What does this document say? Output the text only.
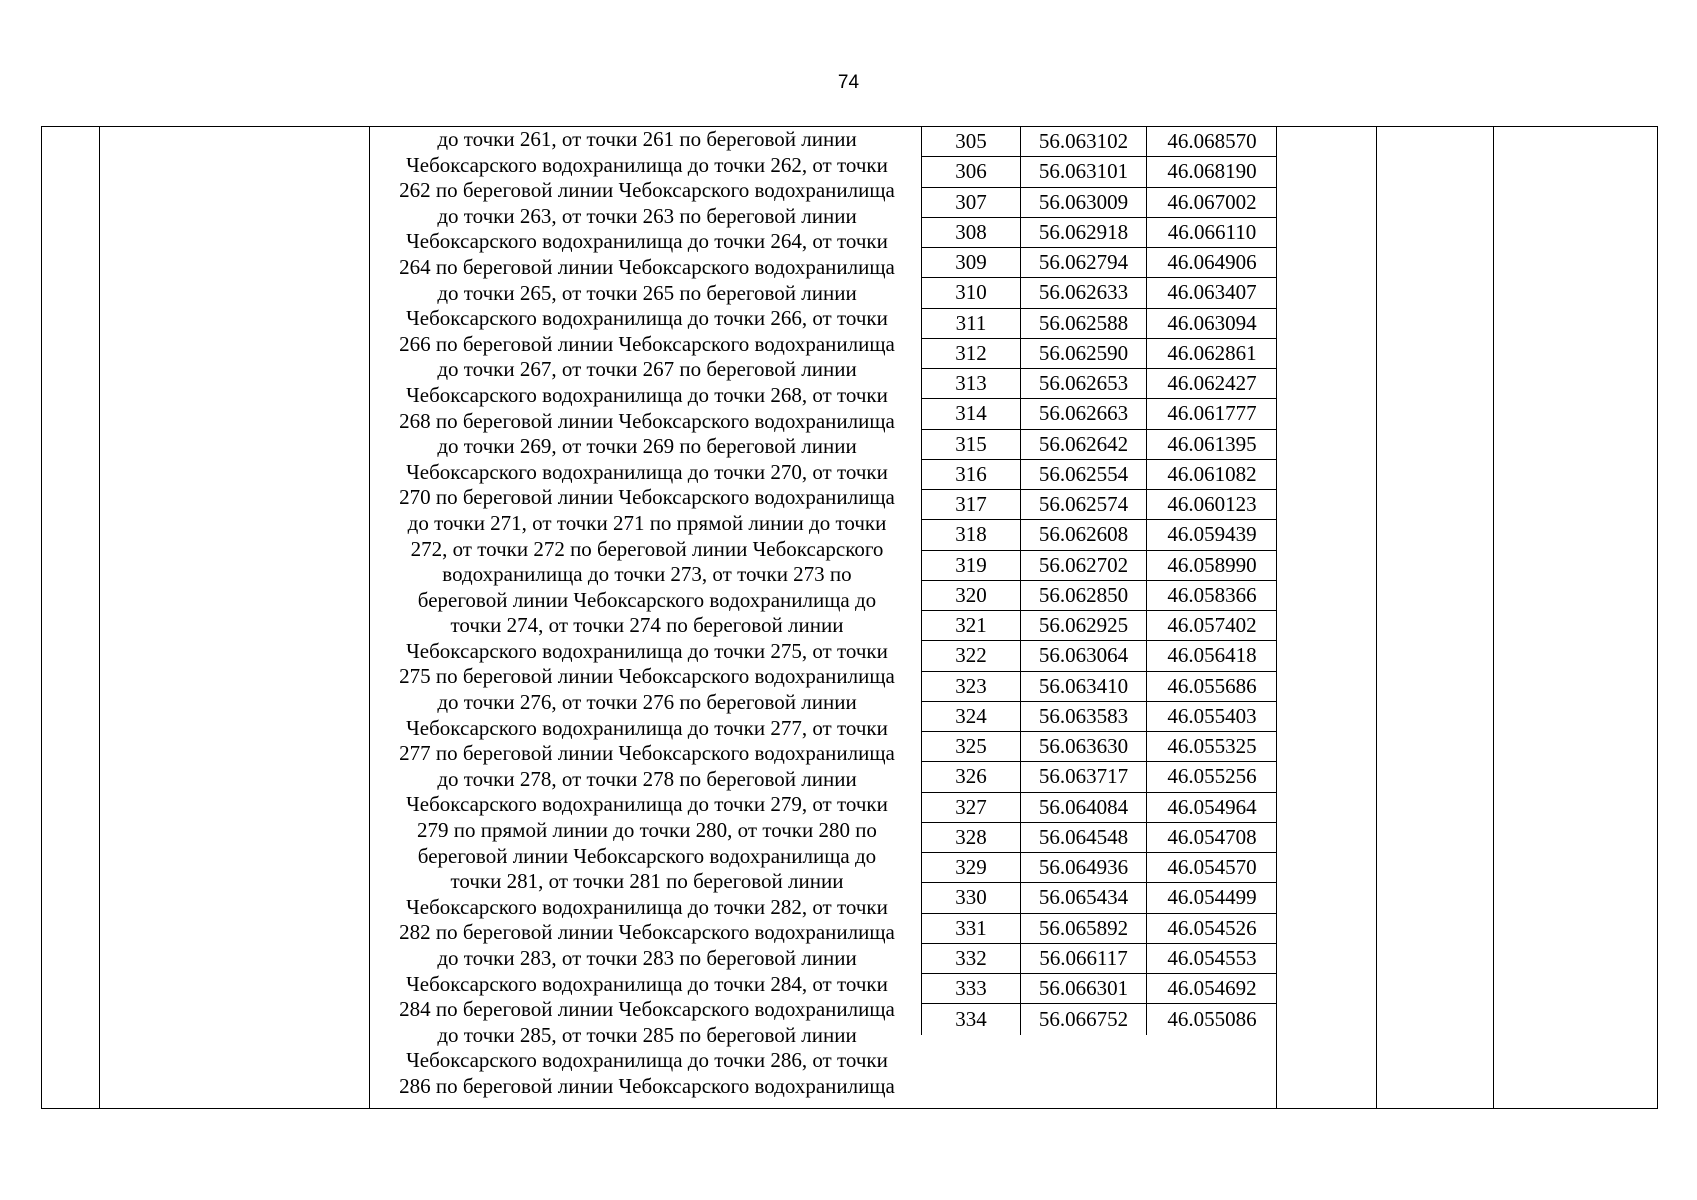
74
до точки 261, от точки 261 по береговой линии
Чебоксарского водохранилища до точки 262, от точки
262 по береговой линии Чебоксарского водохранилища
до точки 263, от точки 263 по береговой линии
Чебоксарского водохранилища до точки 264, от точки
264 по береговой линии Чебоксарского водохранилища
до точки 265, от точки 265 по береговой линии
Чебоксарского водохранилища до точки 266, от точки
266 по береговой линии Чебоксарского водохранилища
до точки 267, от точки 267 по береговой линии
Чебоксарского водохранилища до точки 268, от точки
268 по береговой линии Чебоксарского водохранилища
до точки 269, от точки 269 по береговой линии
Чебоксарского водохранилища до точки 270, от точки
270 по береговой линии Чебоксарского водохранилища
до точки 271, от точки 271 по прямой линии до точки
272, от точки 272 по береговой линии Чебоксарского
водохранилища до точки 273, от точки 273 по
береговой линии Чебоксарского водохранилища до
точки 274, от точки 274 по береговой линии
Чебоксарского водохранилища до точки 275, от точки
275 по береговой линии Чебоксарского водохранилища
до точки 276, от точки 276 по береговой линии
Чебоксарского водохранилища до точки 277, от точки
277 по береговой линии Чебоксарского водохранилища
до точки 278, от точки 278 по береговой линии
Чебоксарского водохранилища до точки 279, от точки
279 по прямой линии до точки 280, от точки 280 по
береговой линии Чебоксарского водохранилища до
точки 281, от точки 281 по береговой линии
Чебоксарского водохранилища до точки 282, от точки
282 по береговой линии Чебоксарского водохранилища
до точки 283, от точки 283 по береговой линии
Чебоксарского водохранилища до точки 284, от точки
284 по береговой линии Чебоксарского водохранилища
до точки 285, от точки 285 по береговой линии
Чебоксарского водохранилища до точки 286, от точки
286 по береговой линии Чебоксарского водохранилища
305	56.063102	46.068570
306	56.063101	46.068190
307	56.063009	46.067002
308	56.062918	46.066110
309	56.062794	46.064906
310	56.062633	46.063407
311	56.062588	46.063094
312	56.062590	46.062861
313	56.062653	46.062427
314	56.062663	46.061777
315	56.062642	46.061395
316	56.062554	46.061082
317	56.062574	46.060123
318	56.062608	46.059439
319	56.062702	46.058990
320	56.062850	46.058366
321	56.062925	46.057402
322	56.063064	46.056418
323	56.063410	46.055686
324	56.063583	46.055403
325	56.063630	46.055325
326	56.063717	46.055256
327	56.064084	46.054964
328	56.064548	46.054708
329	56.064936	46.054570
330	56.065434	46.054499
331	56.065892	46.054526
332	56.066117	46.054553
333	56.066301	46.054692
334	56.066752	46.055086
